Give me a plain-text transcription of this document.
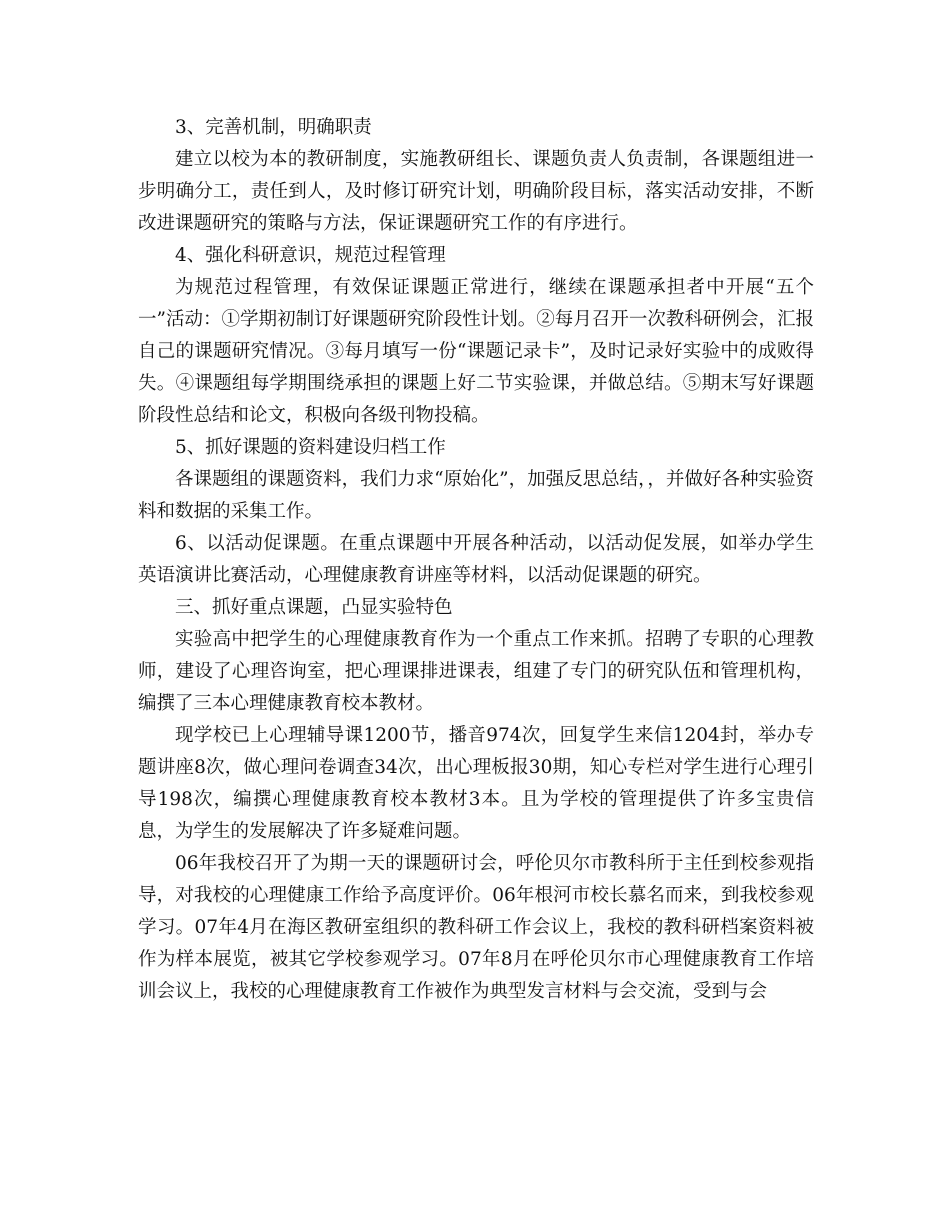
3、完善机制，明确职责

建立以校为本的教研制度，实施教研组长、课题负责人负责制，各课题组进一步明确分工，责任到人，及时修订研究计划，明确阶段目标，落实活动安排，不断改进课题研究的策略与方法，保证课题研究工作的有序进行。

4、强化科研意识，规范过程管理

为规范过程管理，有效保证课题正常进行，继续在课题承担者中开展“五个一”活动：①学期初制订好课题研究阶段性计划。②每月召开一次教科研例会，汇报自己的课题研究情况。③每月填写一份“课题记录卡”，及时记录好实验中的成败得失。④课题组每学期围绕承担的课题上好二节实验课，并做总结。⑤期末写好课题阶段性总结和论文，积极向各级刊物投稿。

5、抓好课题的资料建设归档工作

各课题组的课题资料，我们力求“原始化”，加强反思总结，，并做好各种实验资料和数据的采集工作。

6、以活动促课题。在重点课题中开展各种活动，以活动促发展，如举办学生英语演讲比赛活动，心理健康教育讲座等材料，以活动促课题的研究。

三、抓好重点课题，凸显实验特色

实验高中把学生的心理健康教育作为一个重点工作来抓。招聘了专职的心理教师，建设了心理咨询室，把心理课排进课表，组建了专门的研究队伍和管理机构，编撰了三本心理健康教育校本教材。

现学校已上心理辅导课1200节，播音974次，回复学生来信1204封，举办专题讲座8次，做心理问卷调查34次，出心理板报30期，知心专栏对学生进行心理引导198次，编撰心理健康教育校本教材3本。且为学校的管理提供了许多宝贵信息，为学生的发展解决了许多疑难问题。

06年我校召开了为期一天的课题研讨会，呼伦贝尔市教科所于主任到校参观指导，对我校的心理健康工作给予高度评价。06年根河市校长慕名而来，到我校参观学习。07年4月在海区教研室组织的教科研工作会议上，我校的教科研档案资料被作为样本展览，被其它学校参观学习。07年8月在呼伦贝尔市心理健康教育工作培训会议上，我校的心理健康教育工作被作为典型发言材料与会交流，受到与会
